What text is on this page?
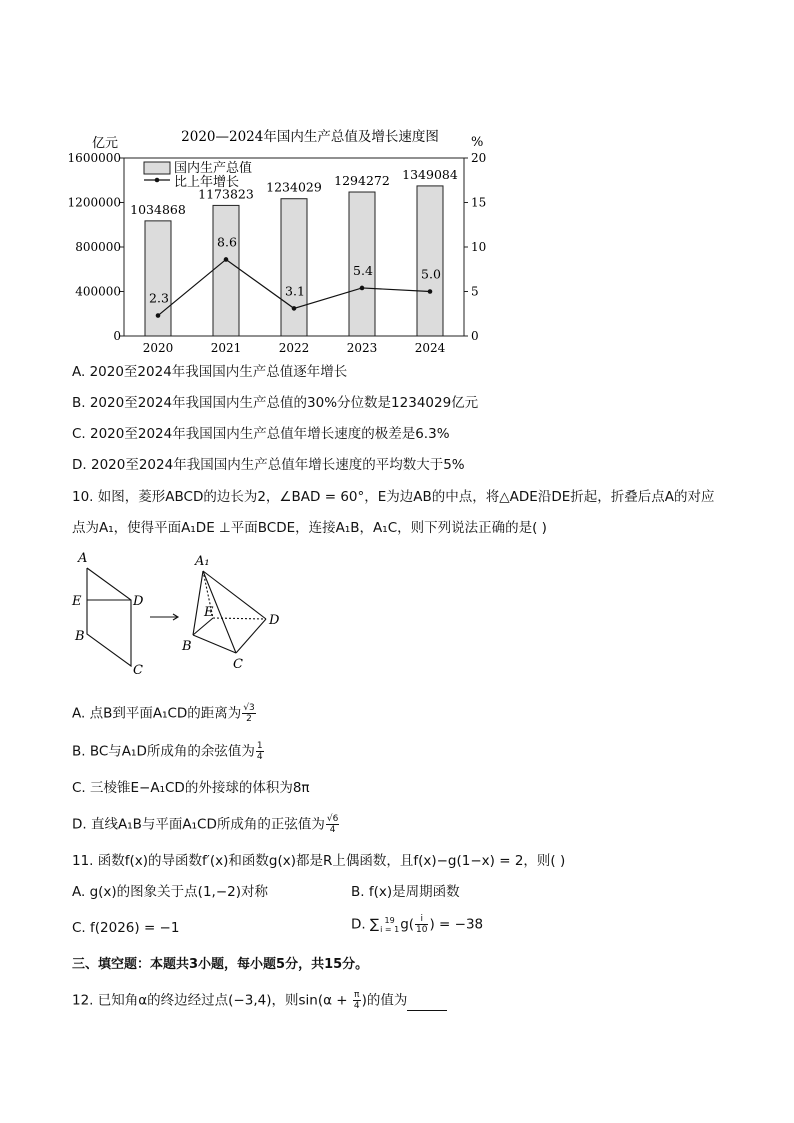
2020—2024年国内生产总值及增长速度图
亿元	%
0
400000
800000
1200000
1600000
0
5
10
15
20
1034868
2020
1173823
2021
1234029
2022
1294272
2023
1349084
2024
2.3
8.6
3.1
5.4	5.0
国内生产总值
比上年增长
A. 2020至2024年我国国内生产总值逐年增长
B. 2020至2024年我国国内生产总值的30%分位数是1234029亿元
C. 2020至2024年我国国内生产总值年增长速度的极差是6.3%
D. 2020至2024年我国国内生产总值年增长速度的平均数大于5%
10. 如图，菱形ABCD的边长为2，∠BAD = 60°，E为边AB的中点，将△ADE沿DE折起，折叠后点A的对应
点为A₁，使得平面A₁DE ⊥平面BCDE，连接A₁B，A₁C，则下列说法正确的是( )
A
E	D
B
C
A₁
E
D
B
C
A. 点B到平面A₁CD的距离为 $\frac{√3}{2}$
B. BC与A₁D所成角的余弦值为 $\frac{1}{4}$
C. 三棱锥E−A₁CD的外接球的体积为8π
D. 直线A₁B与平面A₁CD所成角的正弦值为 $\frac{√6}{4}$
11. 函数f(x)的导函数f′(x)和函数g(x)都是R上偶函数，且f(x)−g(1−x) = 2，则( )
A. g(x)的图象关于点(1,−2)对称	B. f(x)是周期函数
C. f(2026) = −1	D. ∑ 19
i = 1 $g( \frac{i}{10}$ ) = −38
三、填空题：本题共3小题，每小题5分，共15分。
12. 已知角α的终边经过点(−3,4)，则$\sin(\alpha + \frac{\pi}{4}$ )的值为
